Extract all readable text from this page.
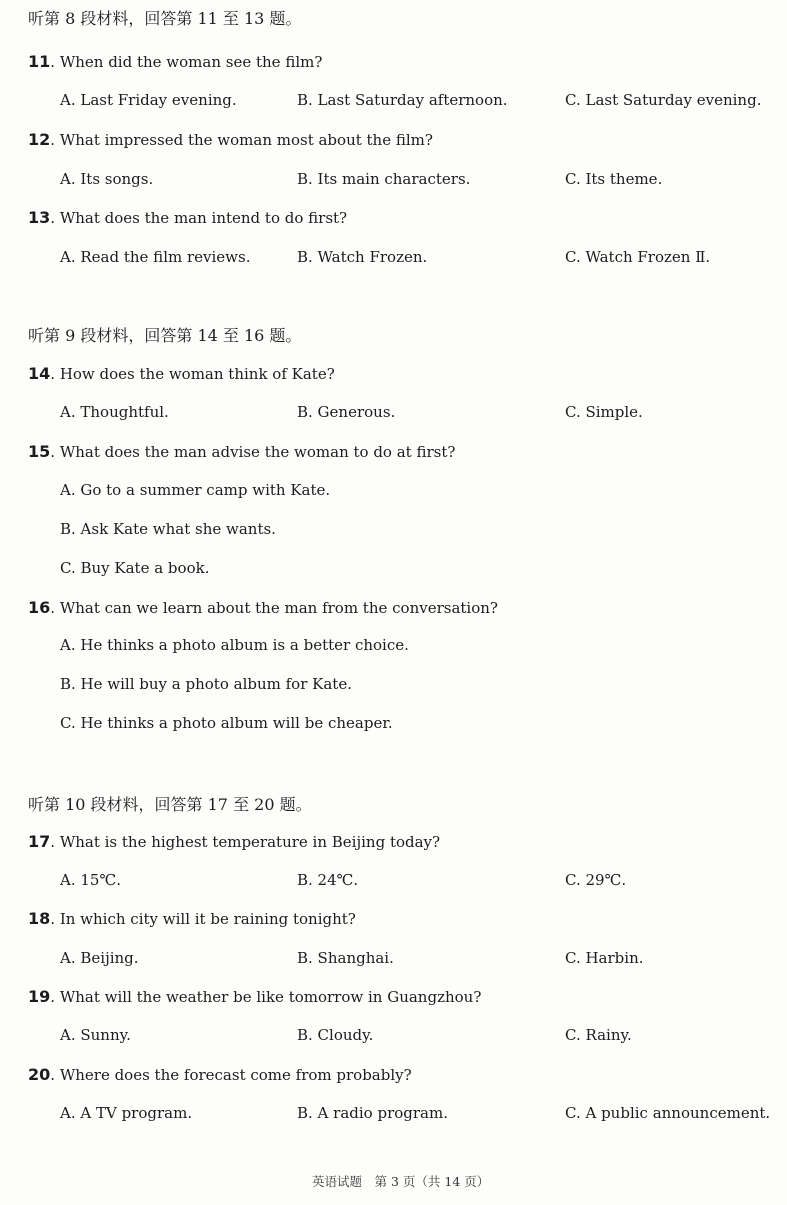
听第 8 段材料，回答第 11 至 13 题。
听第 9 段材料，回答第 14 至 16 题。
听第 10 段材料，回答第 17 至 20 题。
11. When did the woman see the film?
A. Last Friday evening.	B. Last Saturday afternoon.	C. Last Saturday evening.
12. What impressed the woman most about the film?
A. Its songs.	B. Its main characters.	C. Its theme.
13. What does the man intend to do first?
A. Read the film reviews.	B. Watch Frozen.	C. Watch Frozen Ⅱ.
14. How does the woman think of Kate?
A. Thoughtful.	B. Generous.	C. Simple.
15. What does the man advise the woman to do at first?
A. Go to a summer camp with Kate.
B. Ask Kate what she wants.
C. Buy Kate a book.
16. What can we learn about the man from the conversation?
A. He thinks a photo album is a better choice.
B. He will buy a photo album for Kate.
C. He thinks a photo album will be cheaper.
17. What is the highest temperature in Beijing today?
A. 15℃.	B. 24℃.	C. 29℃.
18. In which city will it be raining tonight?
A. Beijing.	B. Shanghai.	C. Harbin.
19. What will the weather be like tomorrow in Guangzhou?
A. Sunny.	B. Cloudy.	C. Rainy.
20. Where does the forecast come from probably?
A. A TV program.	B. A radio program.	C. A public announcement.
英语试题　第 3 页（共 14 页）
